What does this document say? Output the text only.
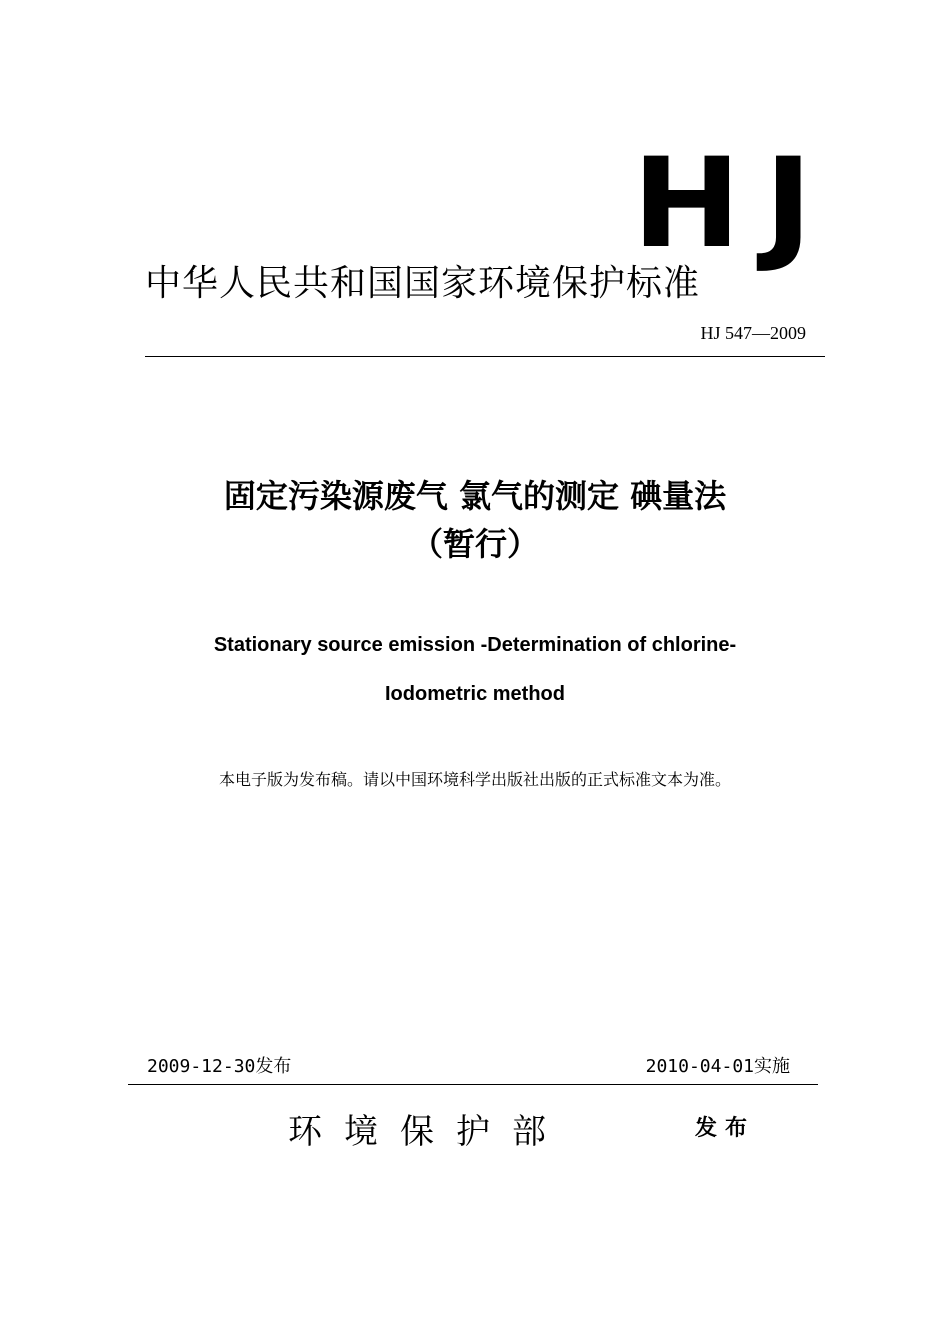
HJ
中华人民共和国国家环境保护标准
HJ 547—2009
固定污染源废气 氯气的测定 碘量法
（暂行）
Stationary source emission -Determination of chlorine-
Iodometric method
本电子版为发布稿。请以中国环境科学出版社出版的正式标准文本为准。
2009-12-30发布	2010-04-01实施
环境保护部	发布
